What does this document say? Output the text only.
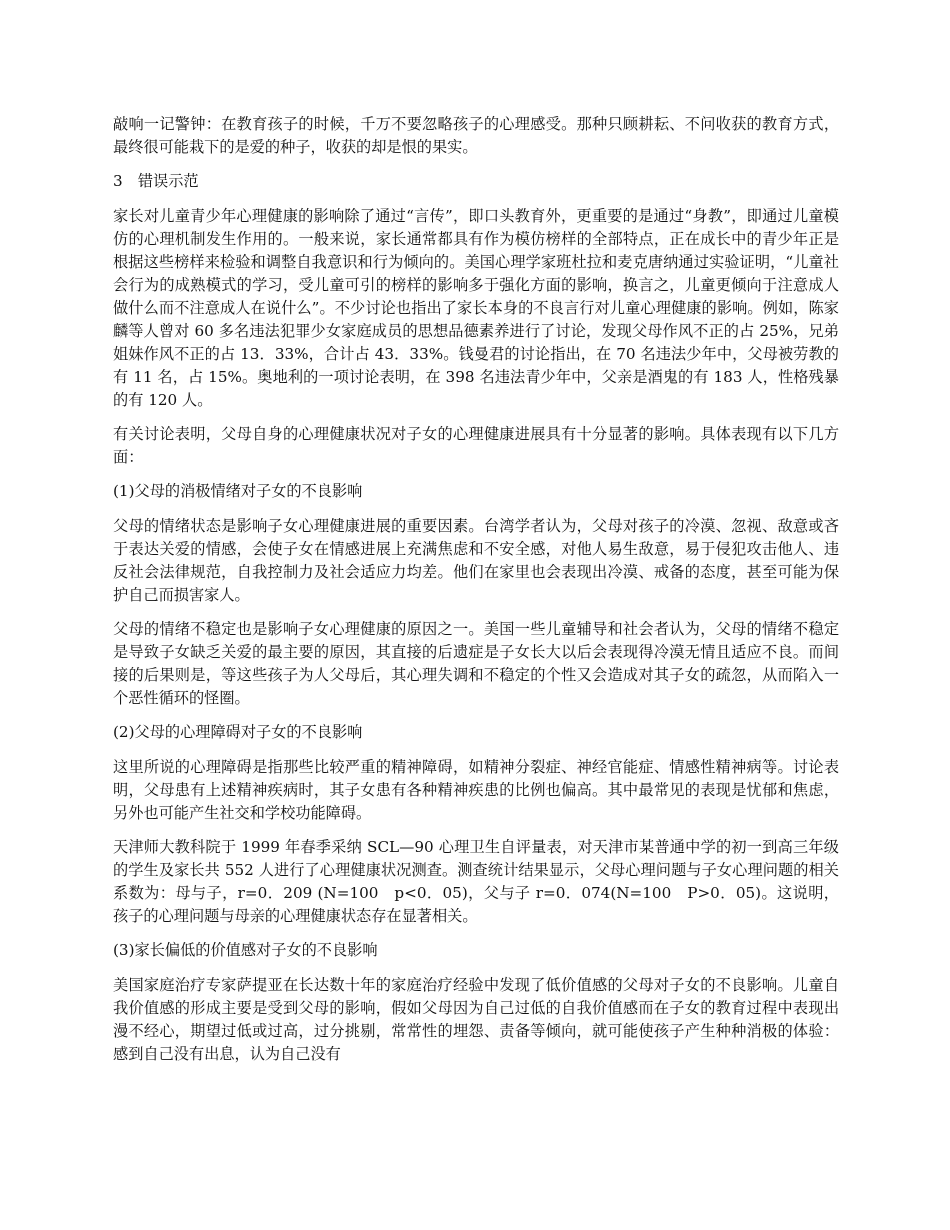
敲响一记警钟：在教育孩子的时候，千万不要忽略孩子的心理感受。那种只顾耕耘、不问收获的教育方式，最终很可能栽下的是爱的种子，收获的却是恨的果实。

3　错误示范

家长对儿童青少年心理健康的影响除了通过“言传”，即口头教育外，更重要的是通过“身教”，即通过儿童模仿的心理机制发生作用的。一般来说，家长通常都具有作为模仿榜样的全部特点，正在成长中的青少年正是根据这些榜样来检验和调整自我意识和行为倾向的。美国心理学家班杜拉和麦克唐纳通过实验证明，“儿童社会行为的成熟模式的学习，受儿童可引的榜样的影响多于强化方面的影响，换言之，儿童更倾向于注意成人做什么而不注意成人在说什么”。不少讨论也指出了家长本身的不良言行对儿童心理健康的影响。例如，陈家麟等人曾对 60 多名违法犯罪少女家庭成员的思想品德素养进行了讨论，发现父母作风不正的占 25%，兄弟姐妹作风不正的占 13．33%，合计占 43．33%。钱曼君的讨论指出，在 70 名违法少年中，父母被劳教的有 11 名，占 15%。奥地利的一项讨论表明，在 398 名违法青少年中，父亲是酒鬼的有 183 人，性格残暴的有 120 人。

有关讨论表明，父母自身的心理健康状况对子女的心理健康进展具有十分显著的影响。具体表现有以下几方面：

(1)父母的消极情绪对子女的不良影响

父母的情绪状态是影响子女心理健康进展的重要因素。台湾学者认为，父母对孩子的冷漠、忽视、敌意或吝于表达关爱的情感，会使子女在情感进展上充满焦虑和不安全感，对他人易生敌意，易于侵犯攻击他人、违反社会法律规范，自我控制力及社会适应力均差。他们在家里也会表现出冷漠、戒备的态度，甚至可能为保护自己而损害家人。

父母的情绪不稳定也是影响子女心理健康的原因之一。美国一些儿童辅导和社会者认为，父母的情绪不稳定是导致子女缺乏关爱的最主要的原因，其直接的后遗症是子女长大以后会表现得冷漠无情且适应不良。而间接的后果则是，等这些孩子为人父母后，其心理失调和不稳定的个性又会造成对其子女的疏忽，从而陷入一个恶性循环的怪圈。

(2)父母的心理障碍对子女的不良影响

这里所说的心理障碍是指那些比较严重的精神障碍，如精神分裂症、神经官能症、情感性精神病等。讨论表明，父母患有上述精神疾病时，其子女患有各种精神疾患的比例也偏高。其中最常见的表现是忧郁和焦虑，另外也可能产生社交和学校功能障碍。

天津师大教科院于 1999 年春季采纳 SCL—90 心理卫生自评量表，对天津市某普通中学的初一到高三年级的学生及家长共 552 人进行了心理健康状况测查。测查统计结果显示，父母心理问题与子女心理问题的相关系数为：母与子，r=0．209 (N=100　p<0．05)，父与子 r=0．074(N=100　P>0．05)。这说明，孩子的心理问题与母亲的心理健康状态存在显著相关。

(3)家长偏低的价值感对子女的不良影响

美国家庭治疗专家萨提亚在长达数十年的家庭治疗经验中发现了低价值感的父母对子女的不良影响。儿童自我价值感的形成主要是受到父母的影响，假如父母因为自己过低的自我价值感而在子女的教育过程中表现出漫不经心，期望过低或过高，过分挑剔，常常性的埋怨、责备等倾向，就可能使孩子产生种种消极的体验：感到自己没有出息，认为自己没有
